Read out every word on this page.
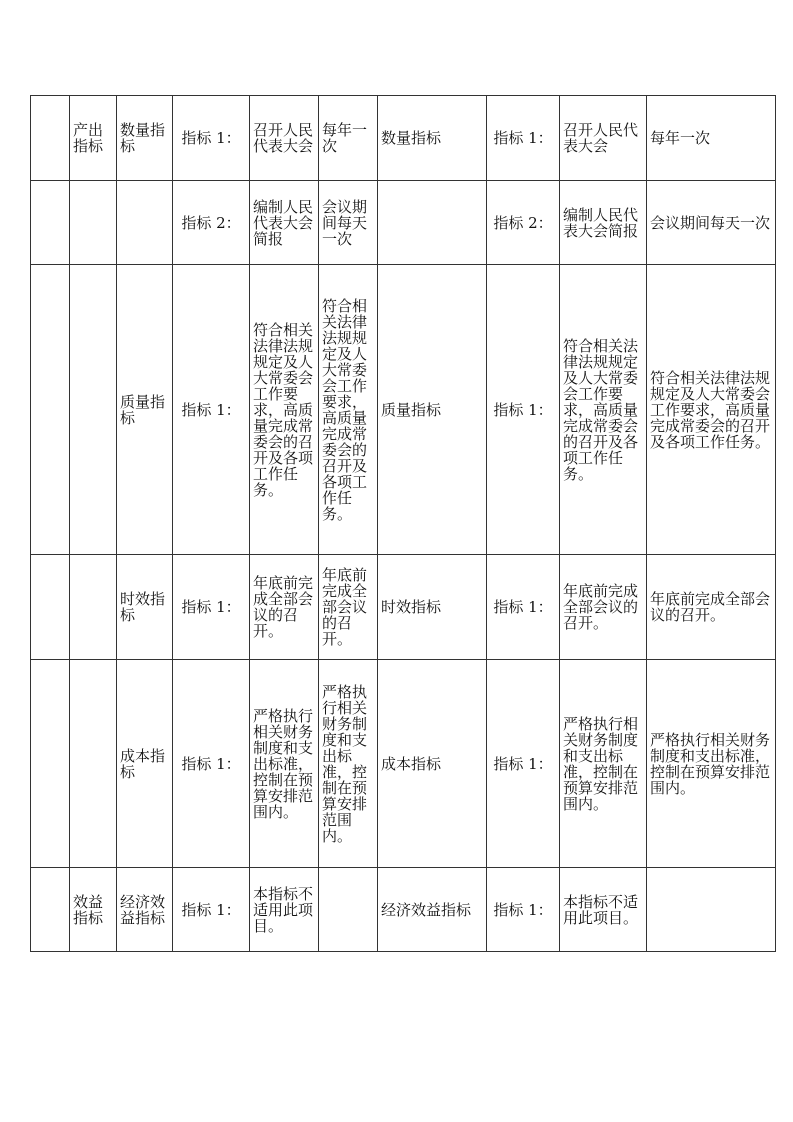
	产出指标	数量指标	指标 1：	召开人民代表大会	每年一次	数量指标	指标 1：	召开人民代表大会	每年一次
			指标 2：	编制人民代表大会简报	会议期间每天一次		指标 2：	编制人民代表大会简报	会议期间每天一次
		质量指标	指标 1：	符合相关法律法规规定及人大常委会工作要求，高质量完成常委会的召开及各项工作任务。	符合相关法律法规规定及人大常委会工作要求，高质量完成常委会的召开及各项工作任务。	质量指标	指标 1：	符合相关法律法规规定及人大常委会工作要求，高质量完成常委会的召开及各项工作任务。	符合相关法律法规规定及人大常委会工作要求，高质量完成常委会的召开及各项工作任务。
		时效指标	指标 1：	年底前完成全部会议的召开。	年底前完成全部会议的召开。	时效指标	指标 1：	年底前完成全部会议的召开。	年底前完成全部会议的召开。
		成本指标	指标 1：	严格执行相关财务制度和支出标准，控制在预算安排范围内。	严格执行相关财务制度和支出标准，控制在预算安排范围内。	成本指标	指标 1：	严格执行相关财务制度和支出标准，控制在预算安排范围内。	严格执行相关财务制度和支出标准，控制在预算安排范围内。
	效益指标	经济效益指标	指标 1：	本指标不适用此项目。		经济效益指标	指标 1：	本指标不适用此项目。	
